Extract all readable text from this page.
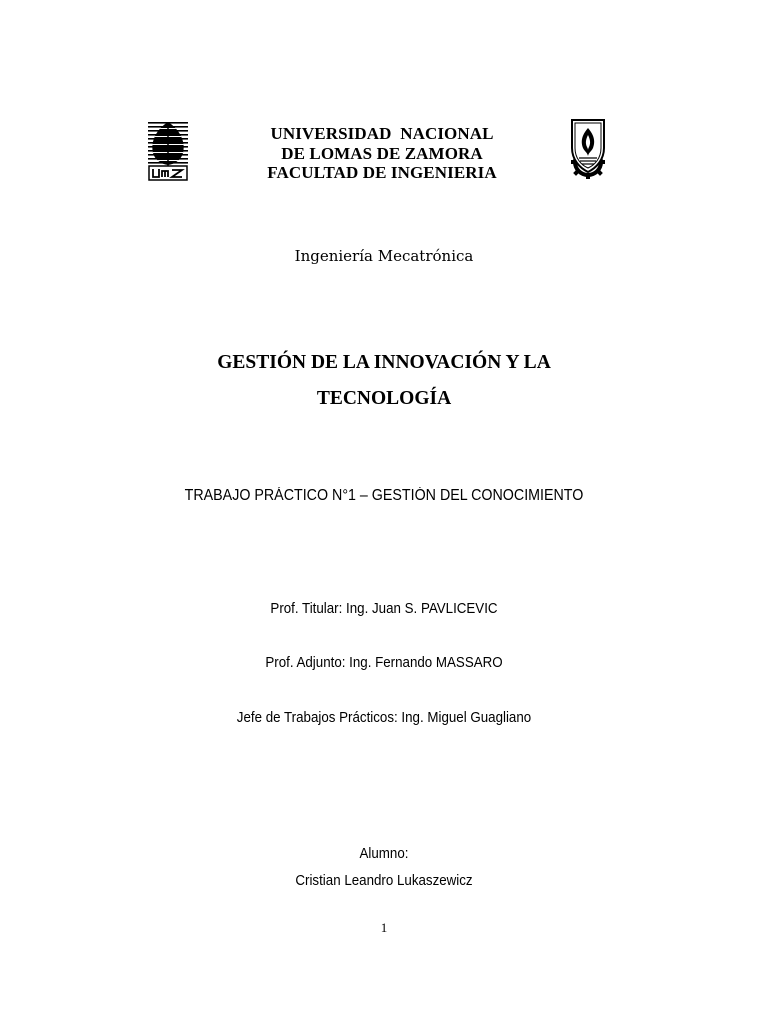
UNIVERSIDAD  NACIONAL
DE LOMAS DE ZAMORA
FACULTAD DE INGENIERIA
Ingeniería Mecatrónica
GESTIÓN DE LA INNOVACIÓN Y LA
TECNOLOGÍA
TRABAJO PRÁCTICO N°1 – GESTIÓN DEL CONOCIMIENTO
Prof. Titular: Ing. Juan S. PAVLICEVIC
Prof. Adjunto: Ing. Fernando MASSARO
Jefe de Trabajos Prácticos: Ing. Miguel Guagliano
Alumno:
Cristian Leandro Lukaszewicz
1
